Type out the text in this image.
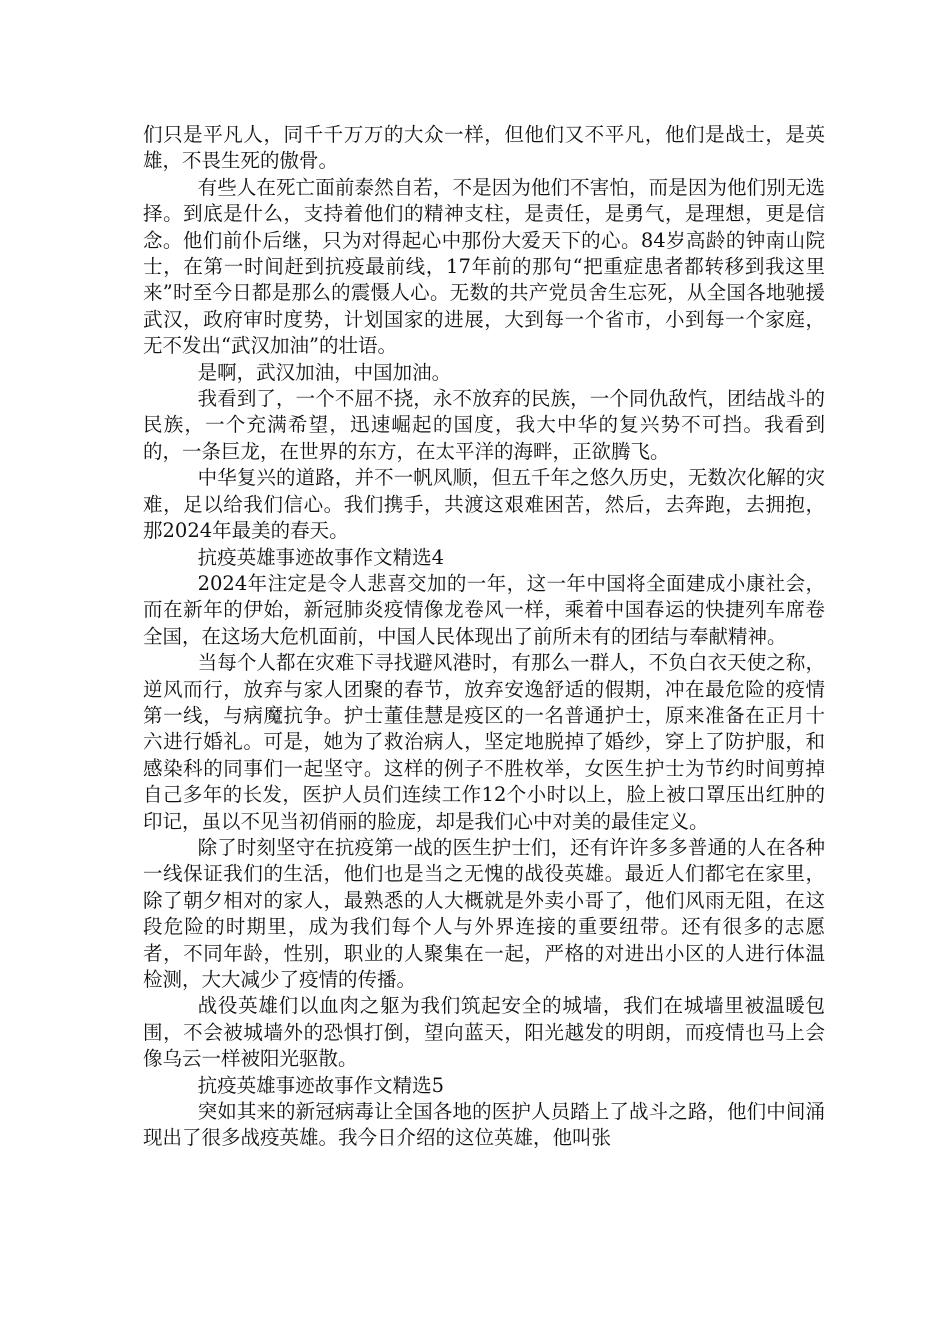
们只是平凡人，同千千万万的大众一样，但他们又不平凡，他们是战士，是英雄，不畏生死的傲骨。

有些人在死亡面前泰然自若，不是因为他们不害怕，而是因为他们别无选择。到底是什么，支持着他们的精神支柱，是责任，是勇气，是理想，更是信念。他们前仆后继，只为对得起心中那份大爱天下的心。84岁高龄的钟南山院士，在第一时间赶到抗疫最前线，17年前的那句“把重症患者都转移到我这里来”时至今日都是那么的震慑人心。无数的共产党员舍生忘死，从全国各地驰援武汉，政府审时度势，计划国家的进展，大到每一个省市，小到每一个家庭，无不发出“武汉加油”的壮语。

是啊，武汉加油，中国加油。

我看到了，一个不屈不挠，永不放弃的民族，一个同仇敌忾，团结战斗的民族，一个充满希望，迅速崛起的国度，我大中华的复兴势不可挡。我看到的，一条巨龙，在世界的东方，在太平洋的海畔，正欲腾飞。

中华复兴的道路，并不一帆风顺，但五千年之悠久历史，无数次化解的灾难，足以给我们信心。我们携手，共渡这艰难困苦，然后，去奔跑，去拥抱，那2024年最美的春天。

抗疫英雄事迹故事作文精选4

2024年注定是令人悲喜交加的一年，这一年中国将全面建成小康社会，而在新年的伊始，新冠肺炎疫情像龙卷风一样，乘着中国春运的快捷列车席卷全国，在这场大危机面前，中国人民体现出了前所未有的团结与奉献精神。

当每个人都在灾难下寻找避风港时，有那么一群人，不负白衣天使之称，逆风而行，放弃与家人团聚的春节，放弃安逸舒适的假期，冲在最危险的疫情第一线，与病魔抗争。护士董佳慧是疫区的一名普通护士，原来准备在正月十六进行婚礼。可是，她为了救治病人，坚定地脱掉了婚纱，穿上了防护服，和感染科的同事们一起坚守。这样的例子不胜枚举，女医生护士为节约时间剪掉自己多年的长发，医护人员们连续工作12个小时以上，脸上被口罩压出红肿的印记，虽以不见当初俏丽的脸庞，却是我们心中对美的最佳定义。

除了时刻坚守在抗疫第一战的医生护士们，还有许许多多普通的人在各种一线保证我们的生活，他们也是当之无愧的战役英雄。最近人们都宅在家里，除了朝夕相对的家人，最熟悉的人大概就是外卖小哥了，他们风雨无阻，在这段危险的时期里，成为我们每个人与外界连接的重要纽带。还有很多的志愿者，不同年龄，性别，职业的人聚集在一起，严格的对进出小区的人进行体温检测，大大减少了疫情的传播。

战役英雄们以血肉之躯为我们筑起安全的城墙，我们在城墙里被温暖包围，不会被城墙外的恐惧打倒，望向蓝天，阳光越发的明朗，而疫情也马上会像乌云一样被阳光驱散。

抗疫英雄事迹故事作文精选5

突如其来的新冠病毒让全国各地的医护人员踏上了战斗之路，他们中间涌现出了很多战疫英雄。我今日介绍的这位英雄，他叫张
